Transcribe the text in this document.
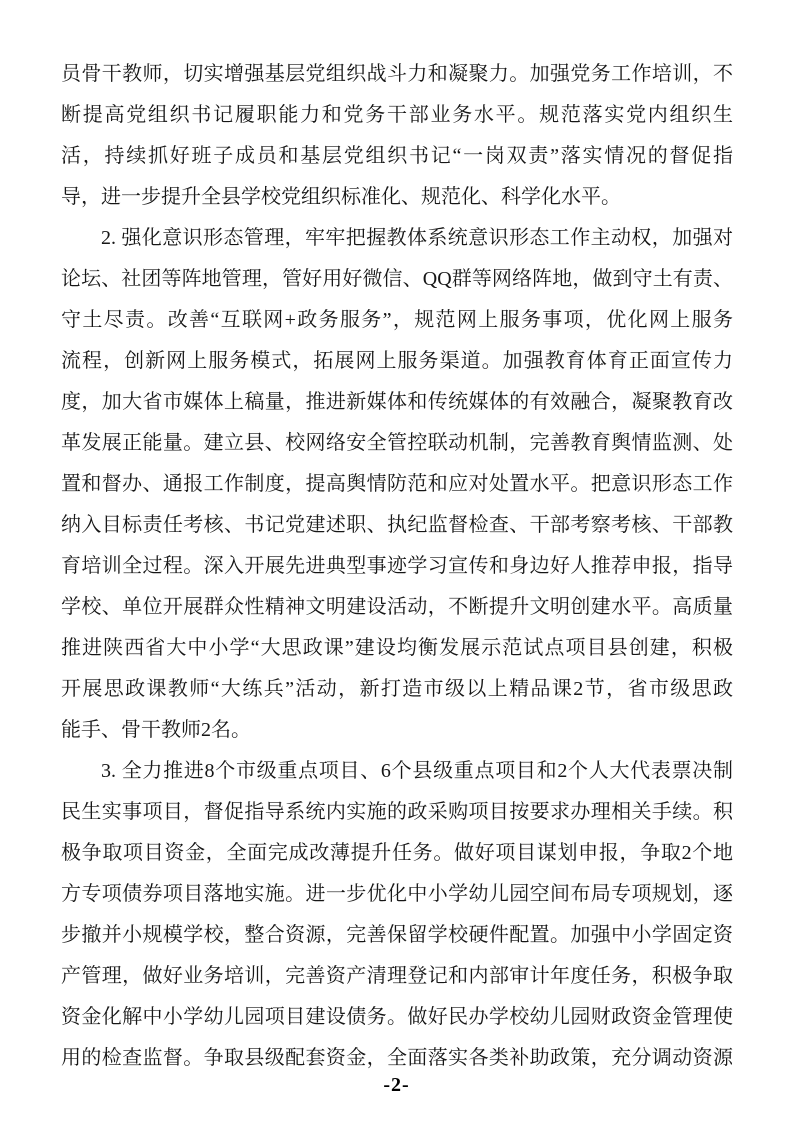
员骨干教师，切实增强基层党组织战斗力和凝聚力。加强党务工作培训，不
断提高党组织书记履职能力和党务干部业务水平。规范落实党内组织生
活，持续抓好班子成员和基层党组织书记“一岗双责”落实情况的督促指
导，进一步提升全县学校党组织标准化、规范化、科学化水平。
2. 强化意识形态管理，牢牢把握教体系统意识形态工作主动权，加强对
论坛、社团等阵地管理，管好用好微信、QQ群等网络阵地，做到守土有责、
守土尽责。改善“互联网+政务服务”，规范网上服务事项，优化网上服务
流程，创新网上服务模式，拓展网上服务渠道。加强教育体育正面宣传力
度，加大省市媒体上稿量，推进新媒体和传统媒体的有效融合，凝聚教育改
革发展正能量。建立县、校网络安全管控联动机制，完善教育舆情监测、处
置和督办、通报工作制度，提高舆情防范和应对处置水平。把意识形态工作
纳入目标责任考核、书记党建述职、执纪监督检查、干部考察考核、干部教
育培训全过程。深入开展先进典型事迹学习宣传和身边好人推荐申报，指导
学校、单位开展群众性精神文明建设活动，不断提升文明创建水平。高质量
推进陕西省大中小学“大思政课”建设均衡发展示范试点项目县创建，积极
开展思政课教师“大练兵”活动，新打造市级以上精品课2节，省市级思政
能手、骨干教师2名。
3. 全力推进8个市级重点项目、6个县级重点项目和2个人大代表票决制
民生实事项目，督促指导系统内实施的政采购项目按要求办理相关手续。积
极争取项目资金，全面完成改薄提升任务。做好项目谋划申报，争取2个地
方专项债券项目落地实施。进一步优化中小学幼儿园空间布局专项规划，逐
步撤并小规模学校，整合资源，完善保留学校硬件配置。加强中小学固定资
产管理，做好业务培训，完善资产清理登记和内部审计年度任务，积极争取
资金化解中小学幼儿园项目建设债务。做好民办学校幼儿园财政资金管理使
用的检查监督。争取县级配套资金，全面落实各类补助政策，充分调动资源
-2-
